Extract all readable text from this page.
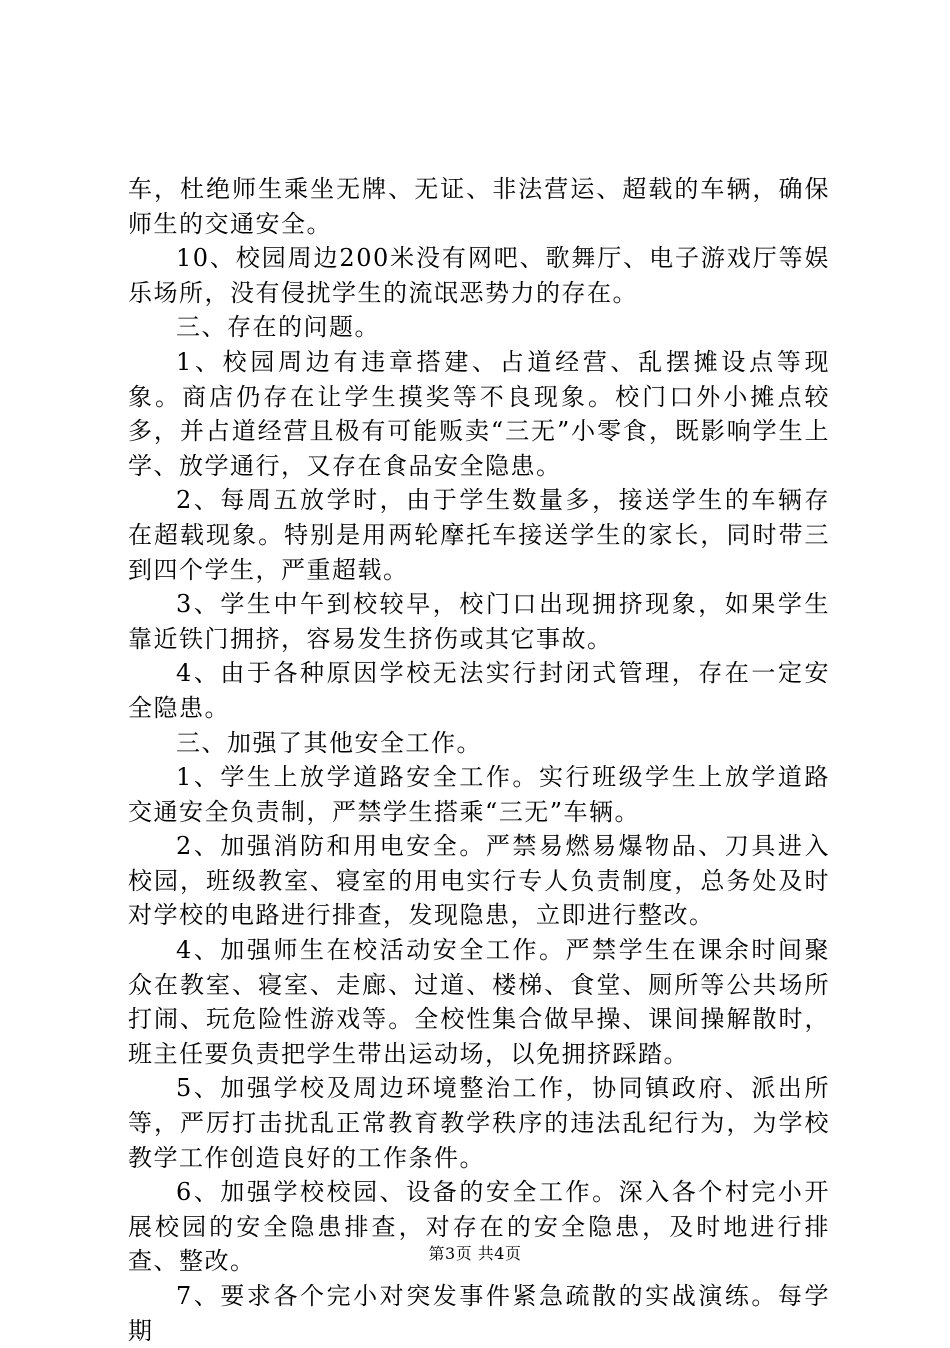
车，杜绝师生乘坐无牌、无证、非法营运、超载的车辆，确保师生的交通安全。

10、校园周边200米没有网吧、歌舞厅、电子游戏厅等娱乐场所，没有侵扰学生的流氓恶势力的存在。

三、存在的问题。

1、校园周边有违章搭建、占道经营、乱摆摊设点等现象。商店仍存在让学生摸奖等不良现象。校门口外小摊点较多，并占道经营且极有可能贩卖“三无”小零食，既影响学生上学、放学通行，又存在食品安全隐患。

2、每周五放学时，由于学生数量多，接送学生的车辆存在超载现象。特别是用两轮摩托车接送学生的家长，同时带三到四个学生，严重超载。

3、学生中午到校较早，校门口出现拥挤现象，如果学生靠近铁门拥挤，容易发生挤伤或其它事故。

4、由于各种原因学校无法实行封闭式管理，存在一定安全隐患。

三、加强了其他安全工作。

1、学生上放学道路安全工作。实行班级学生上放学道路交通安全负责制，严禁学生搭乘“三无”车辆。

2、加强消防和用电安全。严禁易燃易爆物品、刀具进入校园，班级教室、寝室的用电实行专人负责制度，总务处及时对学校的电路进行排查，发现隐患，立即进行整改。

4、加强师生在校活动安全工作。严禁学生在课余时间聚众在教室、寝室、走廊、过道、楼梯、食堂、厕所等公共场所打闹、玩危险性游戏等。全校性集合做早操、课间操解散时，班主任要负责把学生带出运动场，以免拥挤踩踏。

5、加强学校及周边环境整治工作，协同镇政府、派出所等，严厉打击扰乱正常教育教学秩序的违法乱纪行为，为学校教学工作创造良好的工作条件。

6、加强学校校园、设备的安全工作。深入各个村完小开展校园的安全隐患排查，对存在的安全隐患，及时地进行排查、整改。

7、要求各个完小对突发事件紧急疏散的实战演练。每学期

第3页 共4页
